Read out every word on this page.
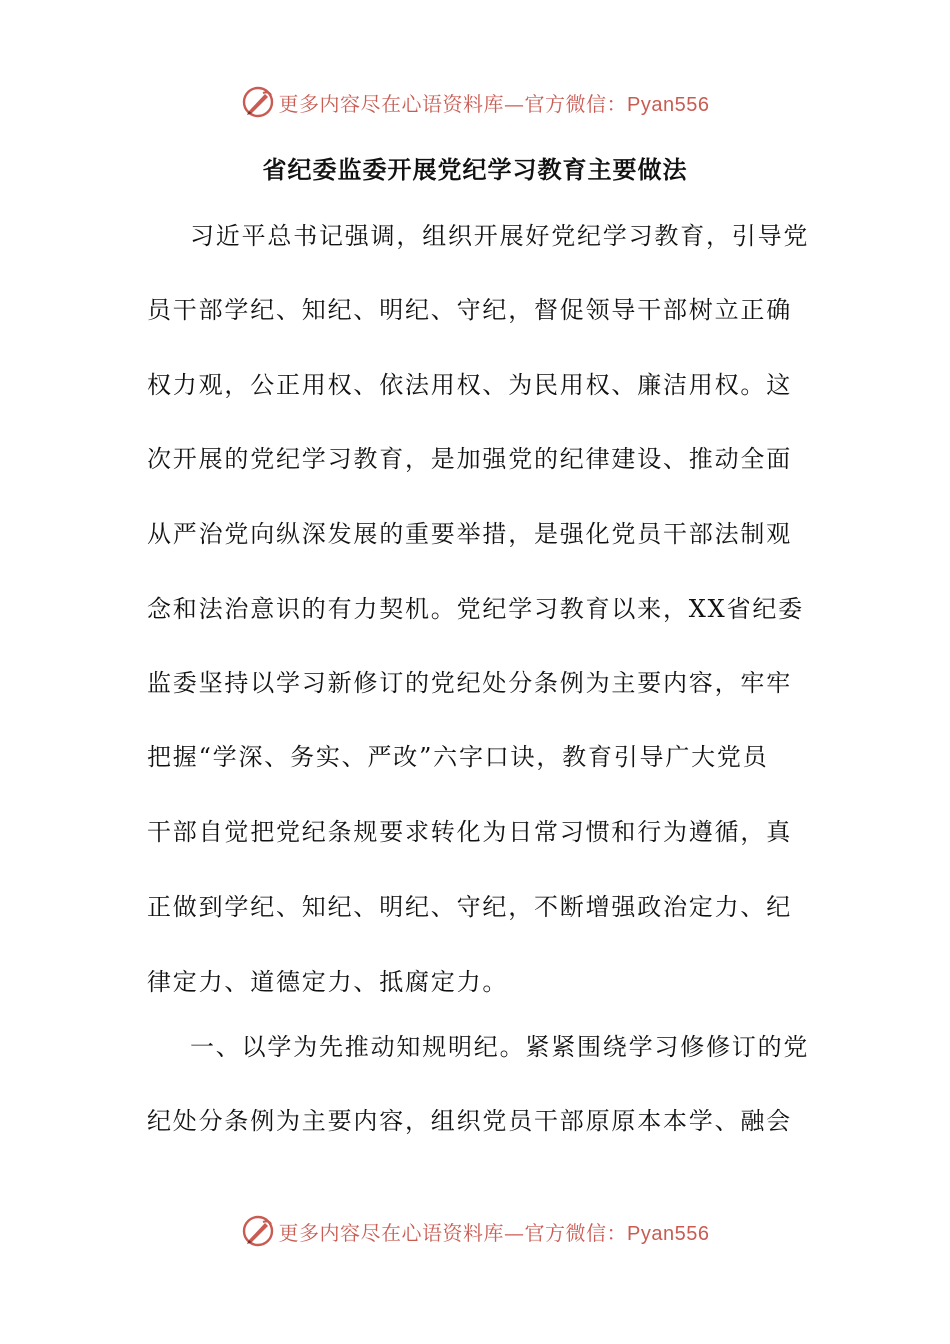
更多内容尽在心语资料库—官方微信：Pyan556
省纪委监委开展党纪学习教育主要做法
习近平总书记强调，组织开展好党纪学习教育，引导党
员干部学纪、知纪、明纪、守纪，督促领导干部树立正确
权力观，公正用权、依法用权、为民用权、廉洁用权。这
次开展的党纪学习教育，是加强党的纪律建设、推动全面
从严治党向纵深发展的重要举措，是强化党员干部法制观
念和法治意识的有力契机。党纪学习教育以来，XX省纪委
监委坚持以学习新修订的党纪处分条例为主要内容，牢牢
把握“学深、务实、严改”六字口诀，教育引导广大党员
干部自觉把党纪条规要求转化为日常习惯和行为遵循，真
正做到学纪、知纪、明纪、守纪，不断增强政治定力、纪
律定力、道德定力、抵腐定力。
一、以学为先推动知规明纪。紧紧围绕学习修修订的党
纪处分条例为主要内容，组织党员干部原原本本学、融会
更多内容尽在心语资料库—官方微信：Pyan556
